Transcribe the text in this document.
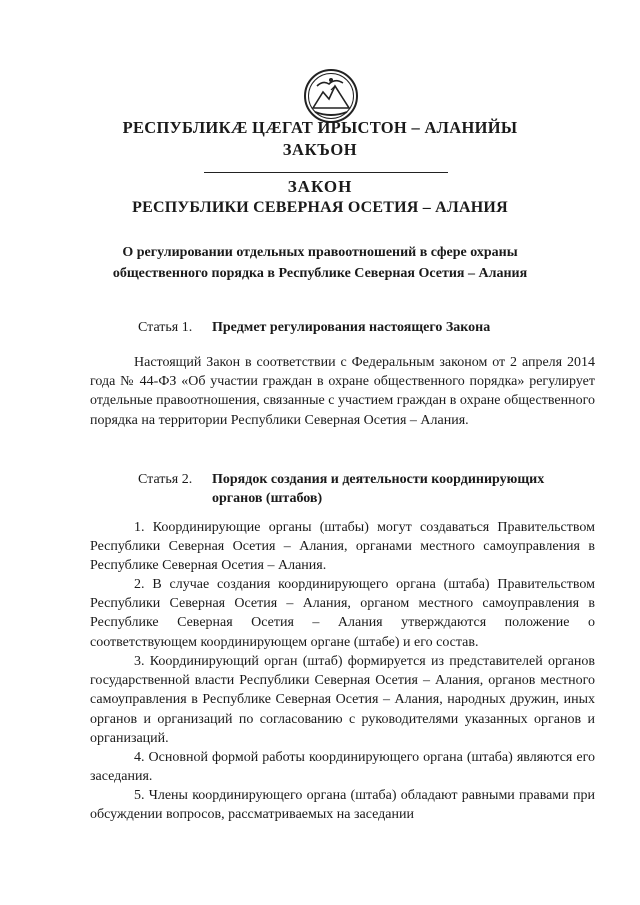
РЕСПУБЛИКӔ ЦӔГАТ ИРЫСТОН – АЛАНИЙЫ
ЗАКЪОН
ЗАКОН
РЕСПУБЛИКИ СЕВЕРНАЯ ОСЕТИЯ – АЛАНИЯ
О регулировании отдельных правоотношений в сфере охраны
общественного порядка в Республике Северная Осетия – Алания
Статья 1. Предмет регулирования настоящего Закона

Настоящий Закон в соответствии с Федеральным законом от 2 апреля 2014 года № 44-ФЗ «Об участии граждан в охране общественного порядка» регулирует отдельные правоотношения, связанные с участием граждан в охране общественного порядка на территории Республики Северная Осетия – Алания.

Статья 2. Порядок создания и деятельности координирующих
органов (штабов)

1. Координирующие органы (штабы) могут создаваться Правительством Республики Северная Осетия – Алания, органами местного самоуправления в Республике Северная Осетия – Алания.

2. В случае создания координирующего органа (штаба) Правительством Республики Северная Осетия – Алания, органом местного самоуправления в Республике Северная Осетия – Алания утверждаются положение о соответствующем координирующем органе (штабе) и его состав.

3. Координирующий орган (штаб) формируется из представителей органов государственной власти Республики Северная Осетия – Алания, органов местного самоуправления в Республике Северная Осетия – Алания, народных дружин, иных органов и организаций по согласованию с руководителями указанных органов и организаций.

4. Основной формой работы координирующего органа (штаба) являются его заседания.

5. Члены координирующего органа (штаба) обладают равными правами при обсуждении вопросов, рассматриваемых на заседании
